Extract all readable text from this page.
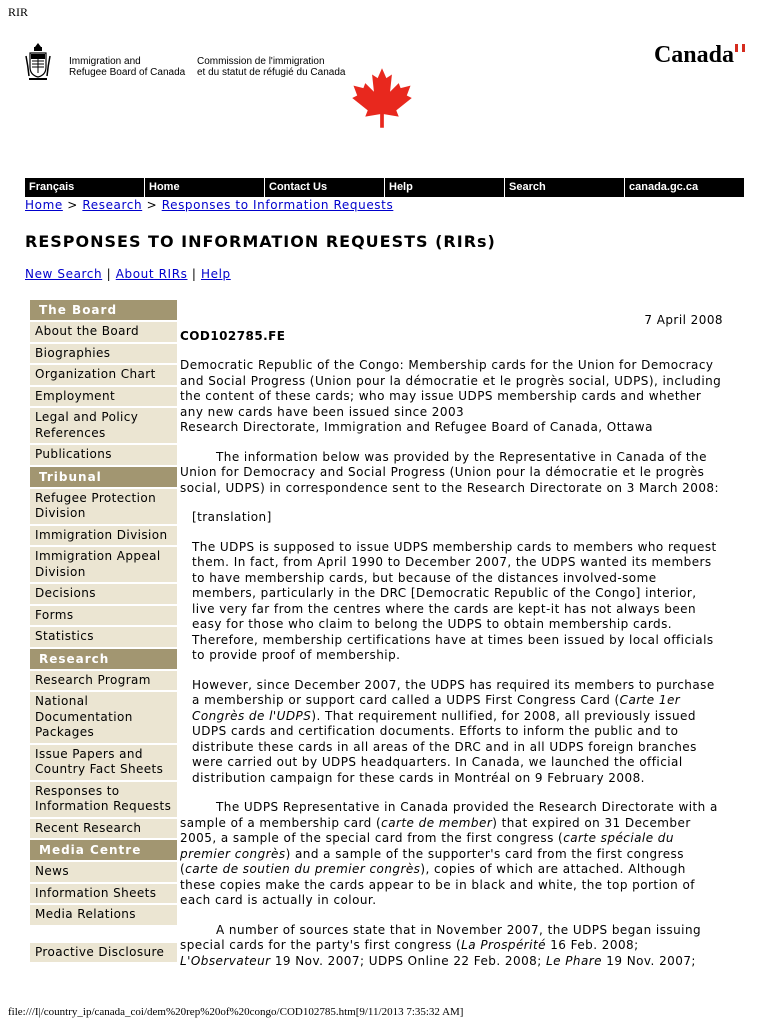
RIR
Immigration and
Refugee Board of Canada
Commission de l'immigration
et du statut de réfugié du Canada
Canada
Français	Home	Contact Us	Help	Search	canada.gc.ca
Home > Research > Responses to Information Requests
RESPONSES TO INFORMATION REQUESTS (RIRs)
New Search | About RIRs | Help
The Board
About the Board
Biographies
Organization Chart
Employment
Legal and Policy References
Publications
Tribunal
Refugee Protection Division
Immigration Division
Immigration Appeal Division
Decisions
Forms
Statistics
Research
Research Program
National Documentation Packages
Issue Papers and Country Fact Sheets
Responses to Information Requests
Recent Research
Media Centre
News
Information Sheets
Media Relations
Proactive Disclosure

7 April 2008

COD102785.FE

Democratic Republic of the Congo: Membership cards for the Union for Democracy and Social Progress (Union pour la démocratie et le progrès social, UDPS), including the content of these cards; who may issue UDPS membership cards and whether any new cards have been issued since 2003

Research Directorate, Immigration and Refugee Board of Canada, Ottawa

The information below was provided by the Representative in Canada of the Union for Democracy and Social Progress (Union pour la démocratie et le progrès social, UDPS) in correspondence sent to the Research Directorate on 3 March 2008:

[translation]

The UDPS is supposed to issue UDPS membership cards to members who request them. In fact, from April 1990 to December 2007, the UDPS wanted its members to have membership cards, but because of the distances involved-some members, particularly in the DRC [Democratic Republic of the Congo] interior, live very far from the centres where the cards are kept-it has not always been easy for those who claim to belong the UDPS to obtain membership cards. Therefore, membership certifications have at times been issued by local officials to provide proof of membership.

However, since December 2007, the UDPS has required its members to purchase a membership or support card called a UDPS First Congress Card (Carte 1er Congrès de l'UDPS). That requirement nullified, for 2008, all previously issued UDPS cards and certification documents. Efforts to inform the public and to distribute these cards in all areas of the DRC and in all UDPS foreign branches were carried out by UDPS headquarters. In Canada, we launched the official distribution campaign for these cards in Montréal on 9 February 2008.

The UDPS Representative in Canada provided the Research Directorate with a sample of a membership card (carte de member) that expired on 31 December 2005, a sample of the special card from the first congress (carte spéciale du premier congrès) and a sample of the supporter's card from the first congress (carte de soutien du premier congrès), copies of which are attached. Although these copies make the cards appear to be in black and white, the top portion of each card is actually in colour.

A number of sources state that in November 2007, the UDPS began issuing special cards for the party's first congress (La Prospérité 16 Feb. 2008; L'Observateur 19 Nov. 2007; UDPS Online 22 Feb. 2008; Le Phare 19 Nov. 2007;

file:///I|/country_ip/canada_coi/dem%20rep%20of%20congo/COD102785.htm[9/11/2013 7:35:32 AM]
